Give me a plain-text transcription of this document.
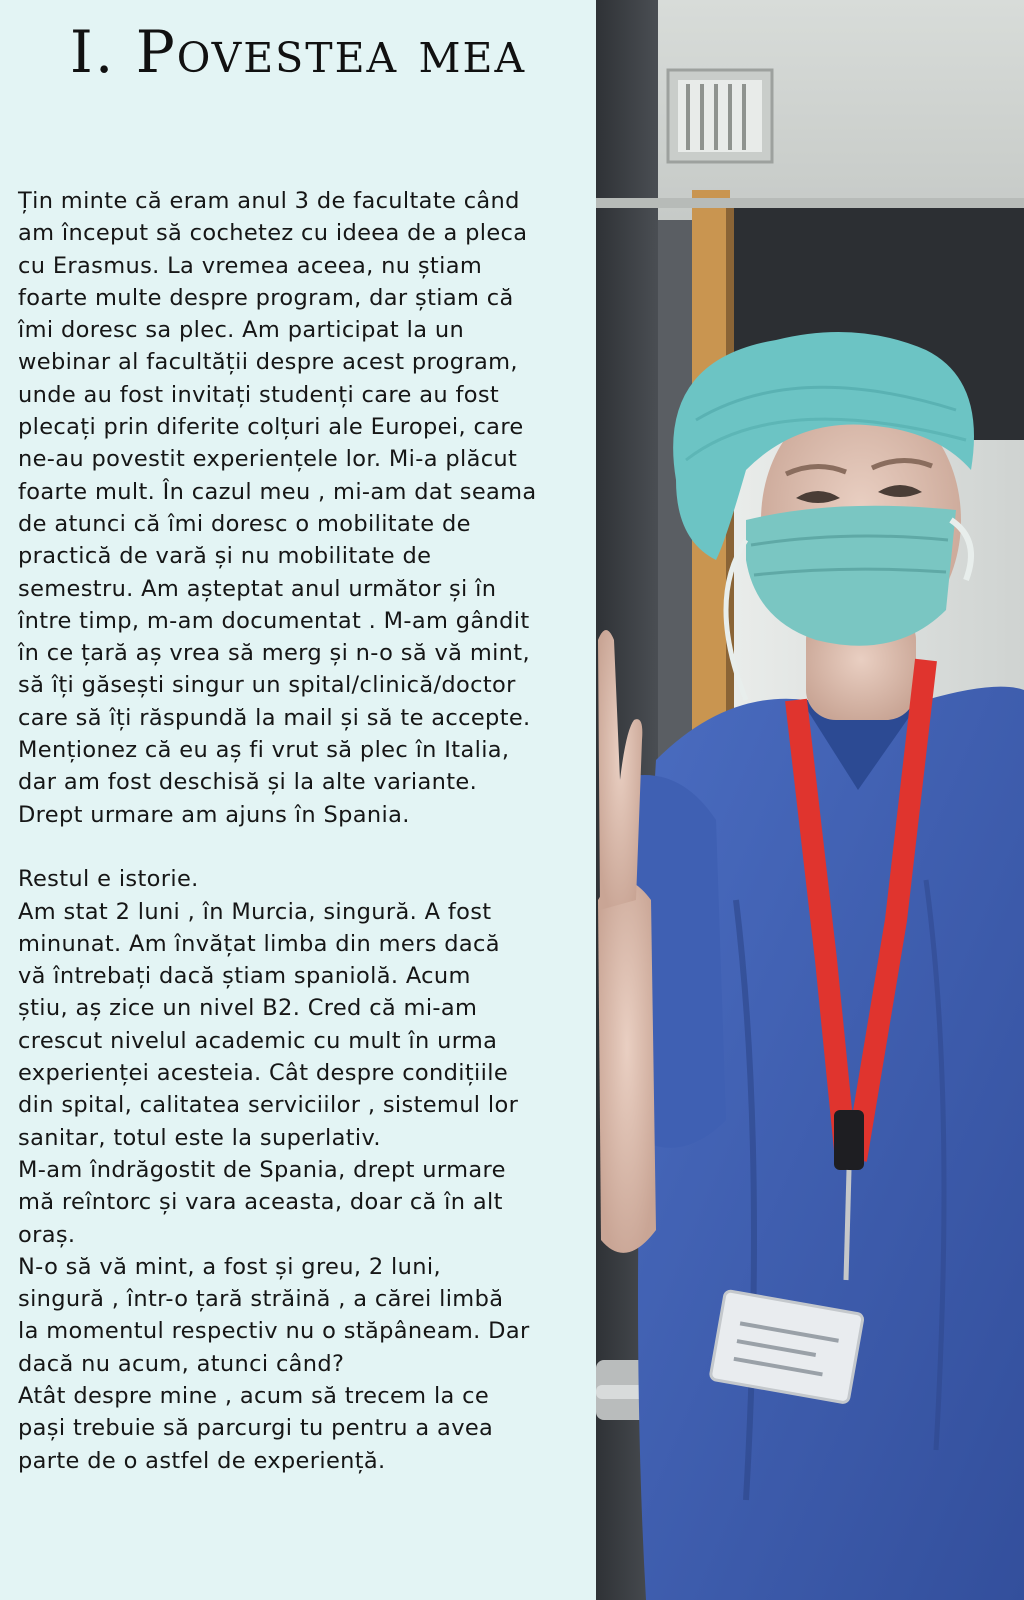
I. Povestea mea
Țin minte că eram anul 3 de facultate când
am început să cochetez cu ideea de a pleca
cu Erasmus. La vremea aceea, nu știam
foarte multe despre program, dar știam că
îmi doresc sa plec. Am participat la un
webinar al facultății despre acest program,
unde au fost invitați studenți care au fost
plecați prin diferite colțuri ale Europei, care
ne-au povestit experiențele lor. Mi-a plăcut
foarte mult. În cazul meu , mi-am dat seama
de atunci că îmi doresc o mobilitate de
practică de vară și nu mobilitate de
semestru. Am așteptat anul următor și în
între timp, m-am documentat . M-am gândit
în ce țară aș vrea să merg și n-o să vă mint,
să îți găsești singur un spital/clinică/doctor
care să îți răspundă la mail și să te accepte.
Menționez că eu aș fi vrut să plec în Italia,
dar am fost deschisă și la alte variante.
Drept urmare am ajuns în Spania.
Restul e istorie.
Am stat 2 luni , în Murcia, singură. A fost
minunat. Am învățat limba din mers dacă
vă întrebați dacă știam spaniolă. Acum
știu, aș zice un nivel B2. Cred că mi-am
crescut nivelul academic cu mult în urma
experienței acesteia. Cât despre condițiile
din spital, calitatea serviciilor , sistemul lor
sanitar, totul este la superlativ.
M-am îndrăgostit de Spania, drept urmare
mă reîntorc și vara aceasta, doar că în alt
oraș.
N-o să vă mint, a fost și greu, 2 luni,
singură , într-o țară străină , a cărei limbă
la momentul respectiv nu o stăpâneam. Dar
dacă nu acum, atunci când?
Atât despre mine , acum să trecem la ce
pași trebuie să parcurgi tu pentru a avea
parte de o astfel de experiență.
